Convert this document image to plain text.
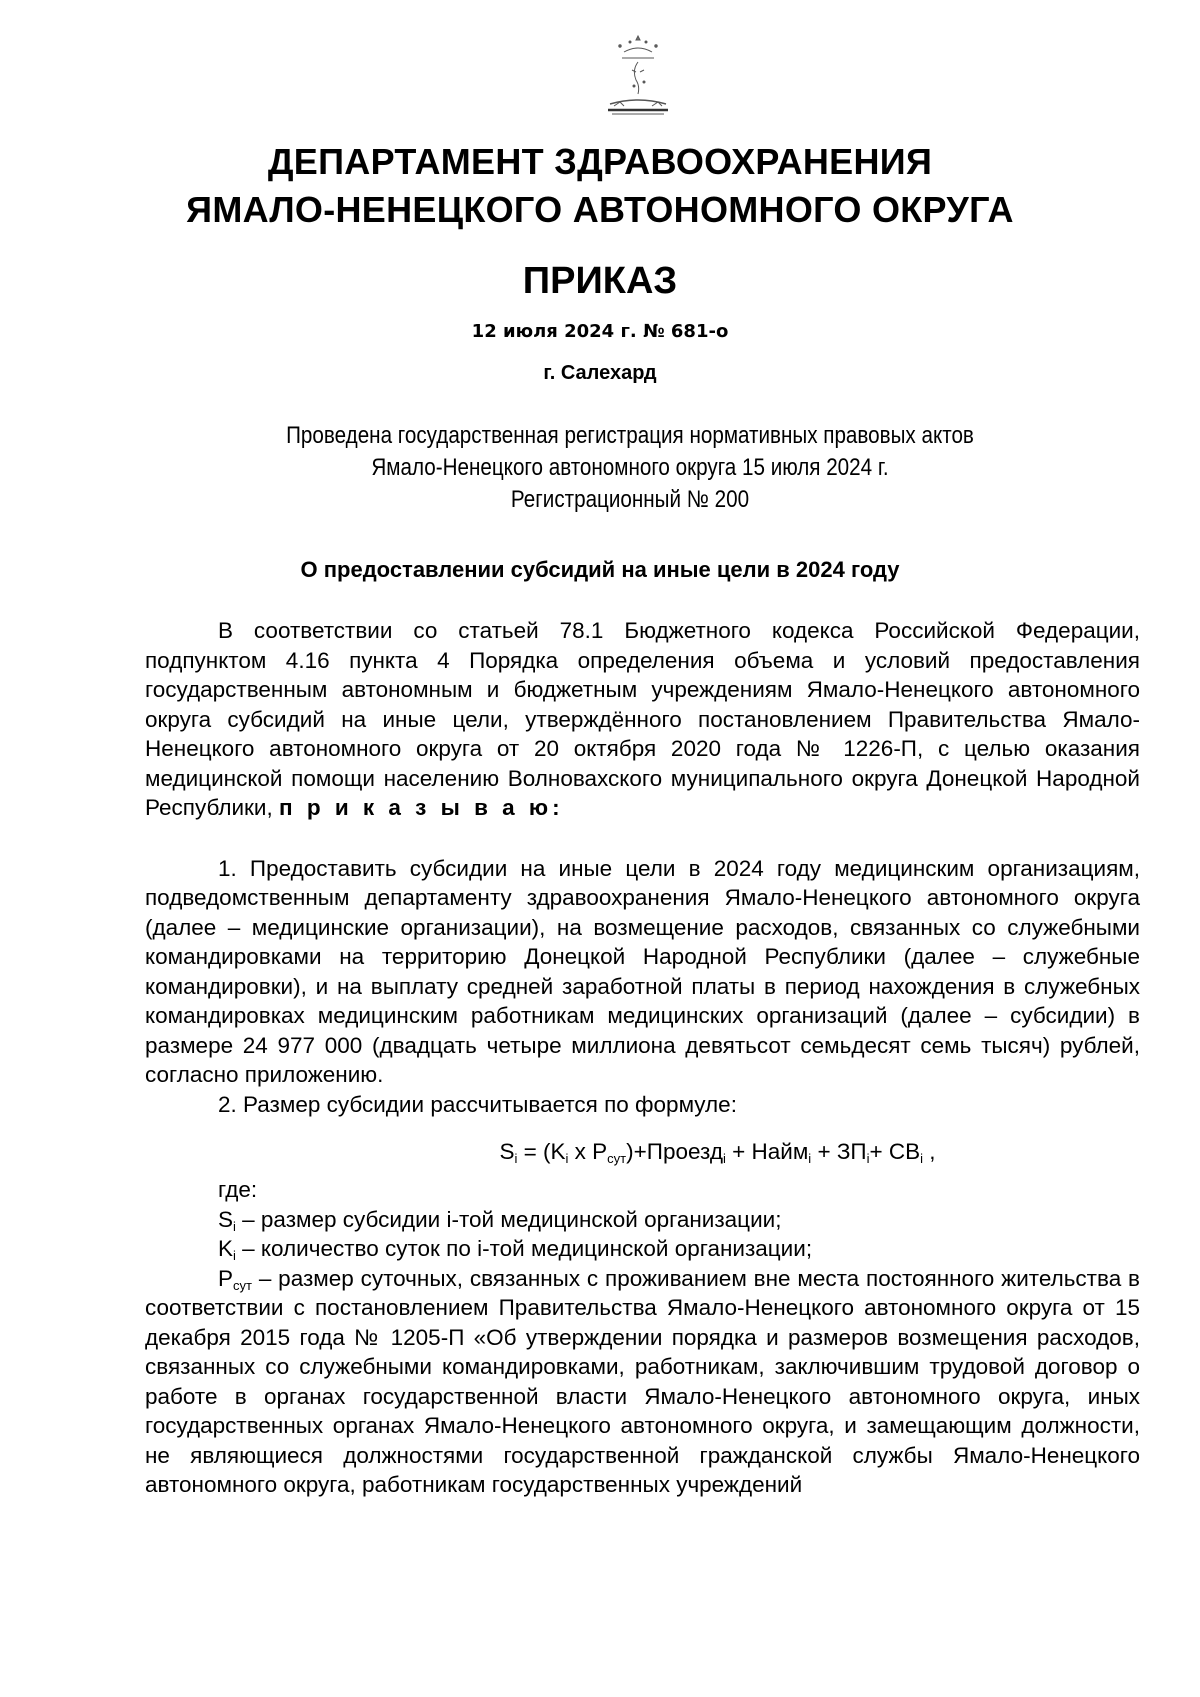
ДЕПАРТАМЕНТ ЗДРАВООХРАНЕНИЯ
ЯМАЛО-НЕНЕЦКОГО АВТОНОМНОГО ОКРУГА
ПРИКАЗ
12 июля 2024 г. № 681-о
г. Салехард
Проведена государственная регистрация нормативных правовых актов
Ямало-Ненецкого автономного округа 15 июля 2024 г.
Регистрационный № 200
О предоставлении субсидий на иные цели в 2024 году

В соответствии со статьей 78.1 Бюджетного кодекса Российской Федерации, подпунктом 4.16 пункта 4 Порядка определения объема и условий предоставления государственным автономным и бюджетным учреждениям Ямало-Ненецкого автономного округа субсидий на иные цели, утверждённого постановлением Правительства Ямало-Ненецкого автономного округа от 20 октября 2020 года № 1226-П, с целью оказания медицинской помощи населению Волновахского муниципального округа Донецкой Народной Республики, п р и к а з ы в а ю:

1. Предоставить субсидии на иные цели в 2024 году медицинским организациям, подведомственным департаменту здравоохранения Ямало-Ненецкого автономного округа (далее – медицинские организации), на возмещение расходов, связанных со служебными командировками на территорию Донецкой Народной Республики (далее – служебные командировки), и на выплату средней заработной платы в период нахождения в служебных командировках медицинским работникам медицинских организаций (далее – субсидии) в размере 24 977 000 (двадцать четыре миллиона девятьсот семьдесят семь тысяч) рублей, согласно приложению.

2. Размер субсидии рассчитывается по формуле:

$S_i = (K_i$ x $P_{сут})+Проезд_i$ + Найм$_i$ + $ЗП_i+ СВ_i$ ,
где:
$S_i$ – размер субсидии i-той медицинской организации;
$K_i$ – количество суток по i-той медицинской организации;

$P_{сут}$ – размер суточных, связанных с проживанием вне места постоянного жительства в соответствии с постановлением Правительства Ямало-Ненецкого автономного округа от 15 декабря 2015 года № 1205-П «Об утверждении порядка и размеров возмещения расходов, связанных со служебными командировками, работникам, заключившим трудовой договор о работе в органах государственной власти Ямало-Ненецкого автономного округа, иных государственных органах Ямало-Ненецкого автономного округа, и замещающим должности, не являющиеся должностями государственной гражданской службы Ямало-Ненецкого автономного округа, работникам государственных учреждений
